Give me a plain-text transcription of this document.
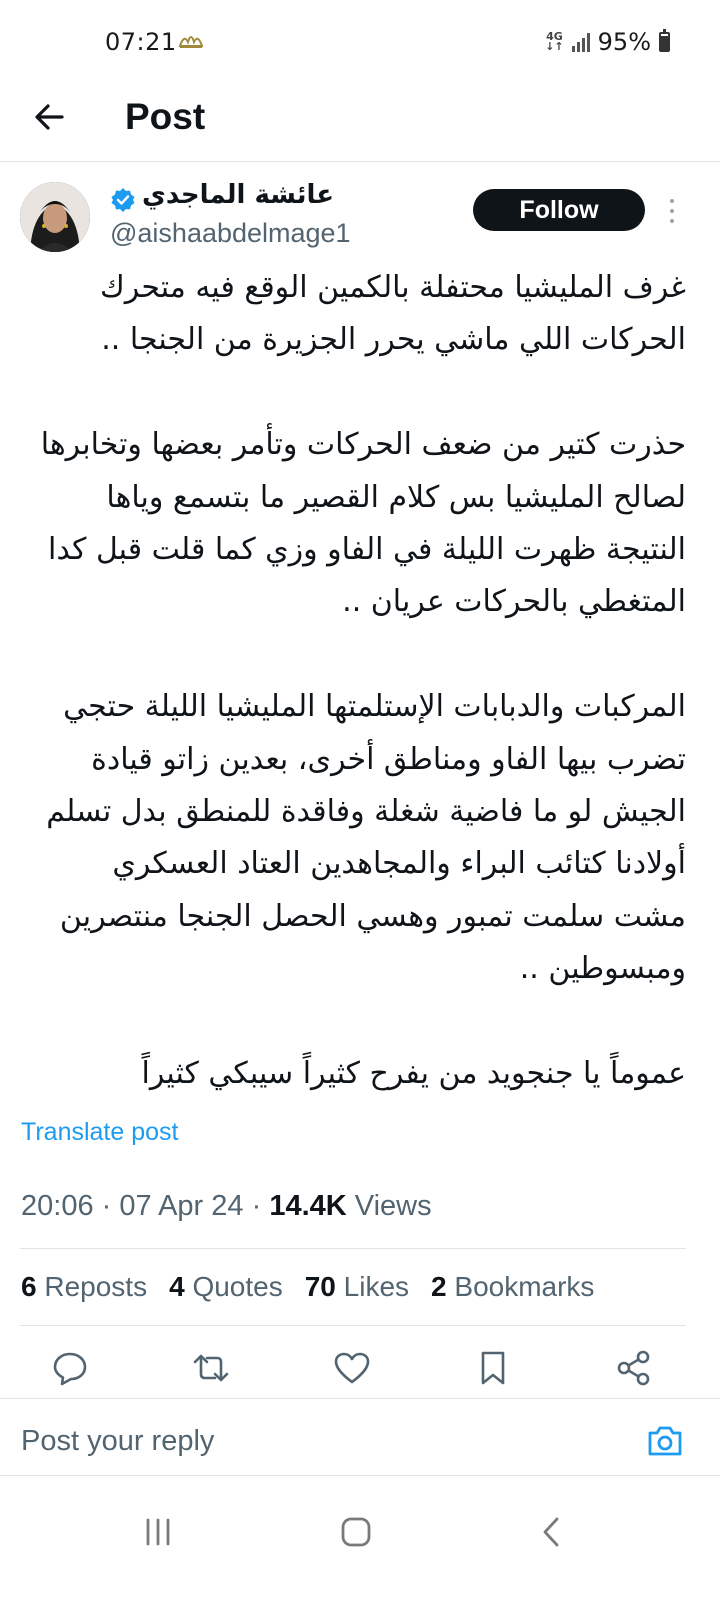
07:21	4G
↓↑ 95%
Post
عائشة الماجدي
@aishaabdelmage1
Follow

غرف المليشيا محتفلة بالكمين الوقع فيه متحرك

الحركات اللي ماشي يحرر الجزيرة من الجنجا ..

حذرت كتير من ضعف الحركات وتأمر بعضها وتخابرها

لصالح المليشيا بس كلام القصير ما بتسمع وياها

النتيجة ظهرت الليلة في الفاو وزي كما قلت قبل كدا

المتغطي بالحركات عريان ..

المركبات والدبابات الإستلمتها المليشيا الليلة حتجي

تضرب بيها الفاو ومناطق أخرى، بعدين زاتو قيادة

الجيش لو ما فاضية شغلة وفاقدة للمنطق بدل تسلم

أولادنا كتائب البراء والمجاهدين العتاد العسكري

مشت سلمت تمبور وهسي الحصل الجنجا منتصرين

ومبسوطين ..

عموماً يا جنجويد من يفرح كثيراً سيبكي كثيراً

Translate post
20:06 · 07 Apr 24 · 14.4K Views
6 Reposts 4 Quotes 70 Likes 2 Bookmarks
Post your reply
